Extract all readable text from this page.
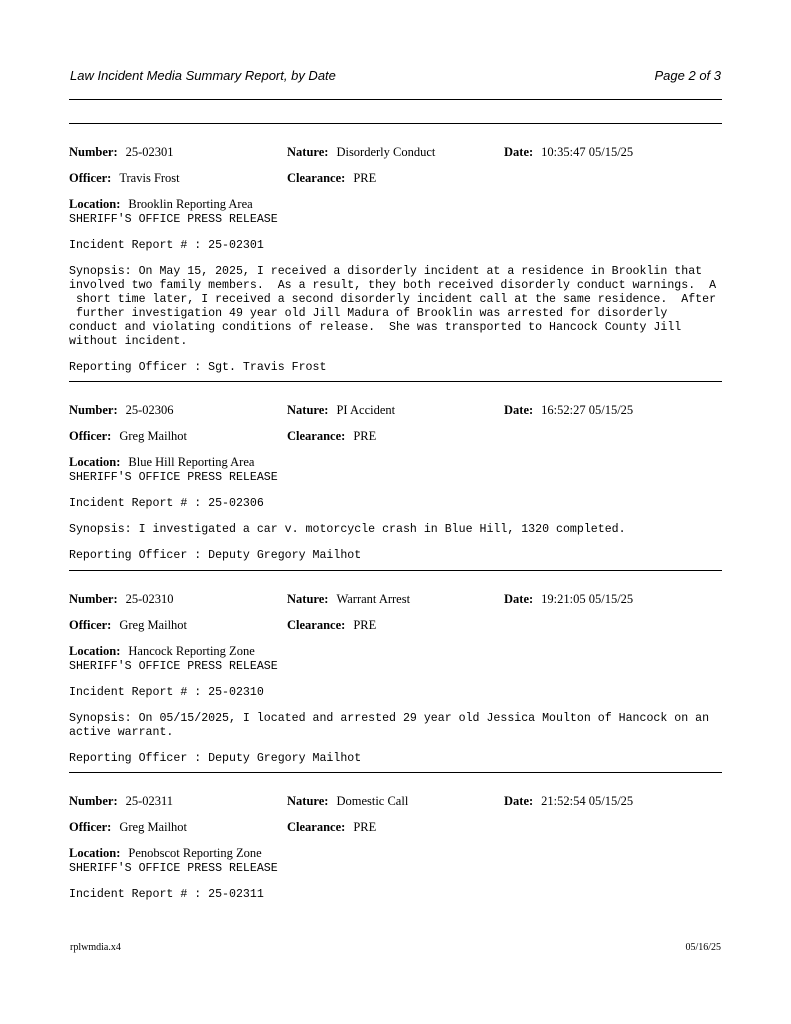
Law Incident Media Summary Report, by Date	Page 2 of 3
Number: 25-02301	Nature: Disorderly Conduct	Date: 10:35:47 05/15/25
Officer: Travis Frost	Clearance: PRE
Location: Brooklin Reporting Area
SHERIFF'S OFFICE PRESS RELEASE
Incident Report # : 25-02301
Synopsis: On May 15, 2025, I received a disorderly incident at a residence in Brooklin that
involved two family members.  As a result, they both received disorderly conduct warnings.  A
short time later, I received a second disorderly incident call at the same residence.  After
further investigation 49 year old Jill Madura of Brooklin was arrested for disorderly
conduct and violating conditions of release.  She was transported to Hancock County Jill
without incident.
Reporting Officer : Sgt. Travis Frost
Number: 25-02306	Nature: PI Accident	Date: 16:52:27 05/15/25
Officer: Greg Mailhot	Clearance: PRE
Location: Blue Hill Reporting Area
SHERIFF'S OFFICE PRESS RELEASE
Incident Report # : 25-02306
Synopsis: I investigated a car v. motorcycle crash in Blue Hill, 1320 completed.
Reporting Officer : Deputy Gregory Mailhot
Number: 25-02310	Nature: Warrant Arrest	Date: 19:21:05 05/15/25
Officer: Greg Mailhot	Clearance: PRE
Location: Hancock Reporting Zone
SHERIFF'S OFFICE PRESS RELEASE
Incident Report # : 25-02310
Synopsis: On 05/15/2025, I located and arrested 29 year old Jessica Moulton of Hancock on an
active warrant.
Reporting Officer : Deputy Gregory Mailhot
Number: 25-02311	Nature: Domestic Call	Date: 21:52:54 05/15/25
Officer: Greg Mailhot	Clearance: PRE
Location: Penobscot Reporting Zone
SHERIFF'S OFFICE PRESS RELEASE
Incident Report # : 25-02311
rplwmdia.x4	05/16/25
